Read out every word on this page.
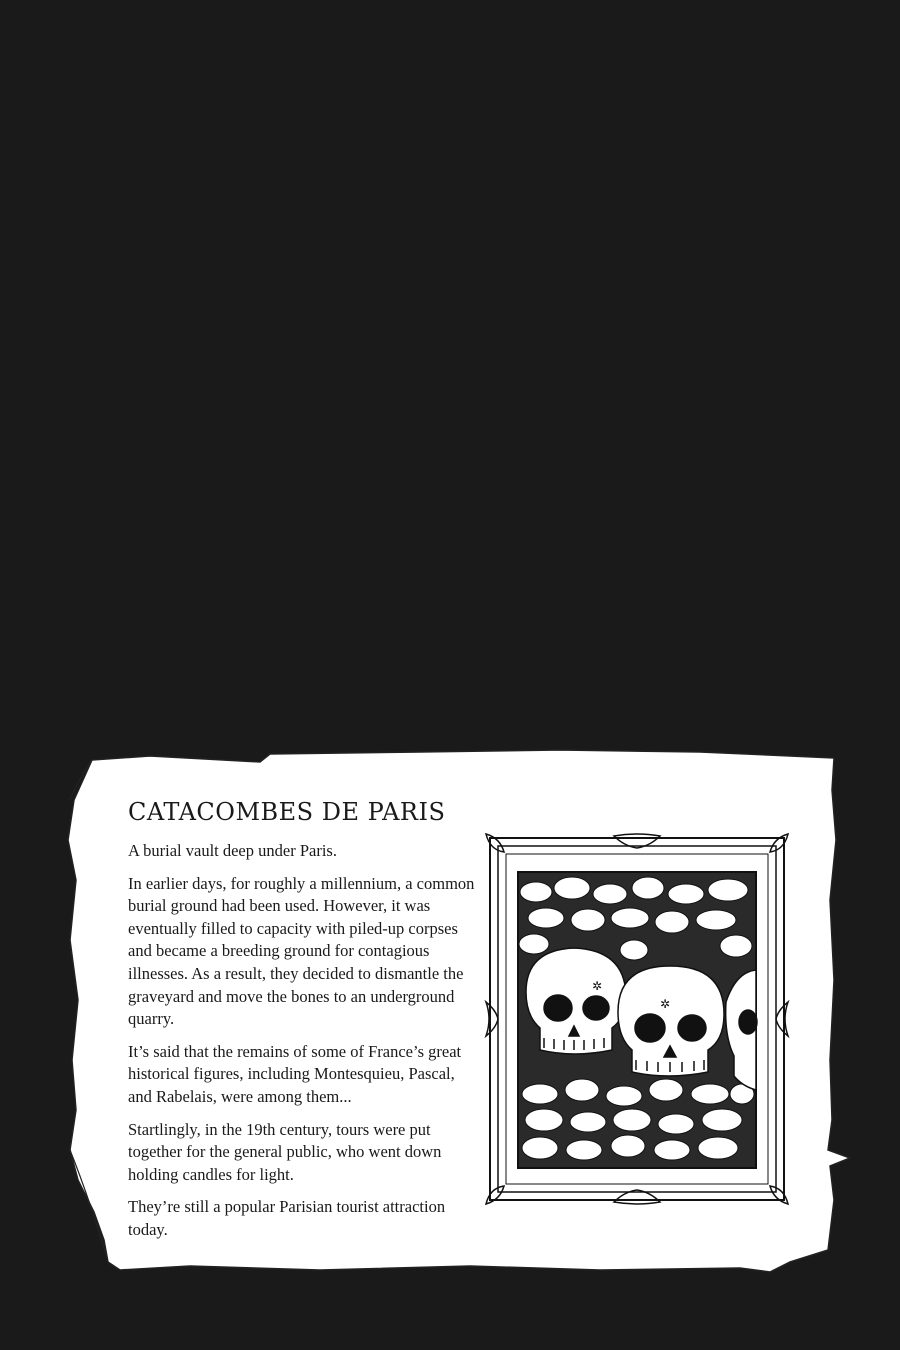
CATACOMBES DE PARIS

A burial vault deep under Paris.

In earlier days, for roughly a millennium, a common burial ground had been used. However, it was eventually filled to capacity with piled-up corpses and became a breeding ground for contagious illnesses. As a result, they decided to dismantle the graveyard and move the bones to an underground quarry.

It’s said that the remains of some of France’s great historical figures, including Montesquieu, Pascal, and Rabelais, were among them...

Startlingly, in the 19th century, tours were put together for the general public, who went down holding candles for light.

They’re still a popular Parisian tourist attraction today.

✲
✲
